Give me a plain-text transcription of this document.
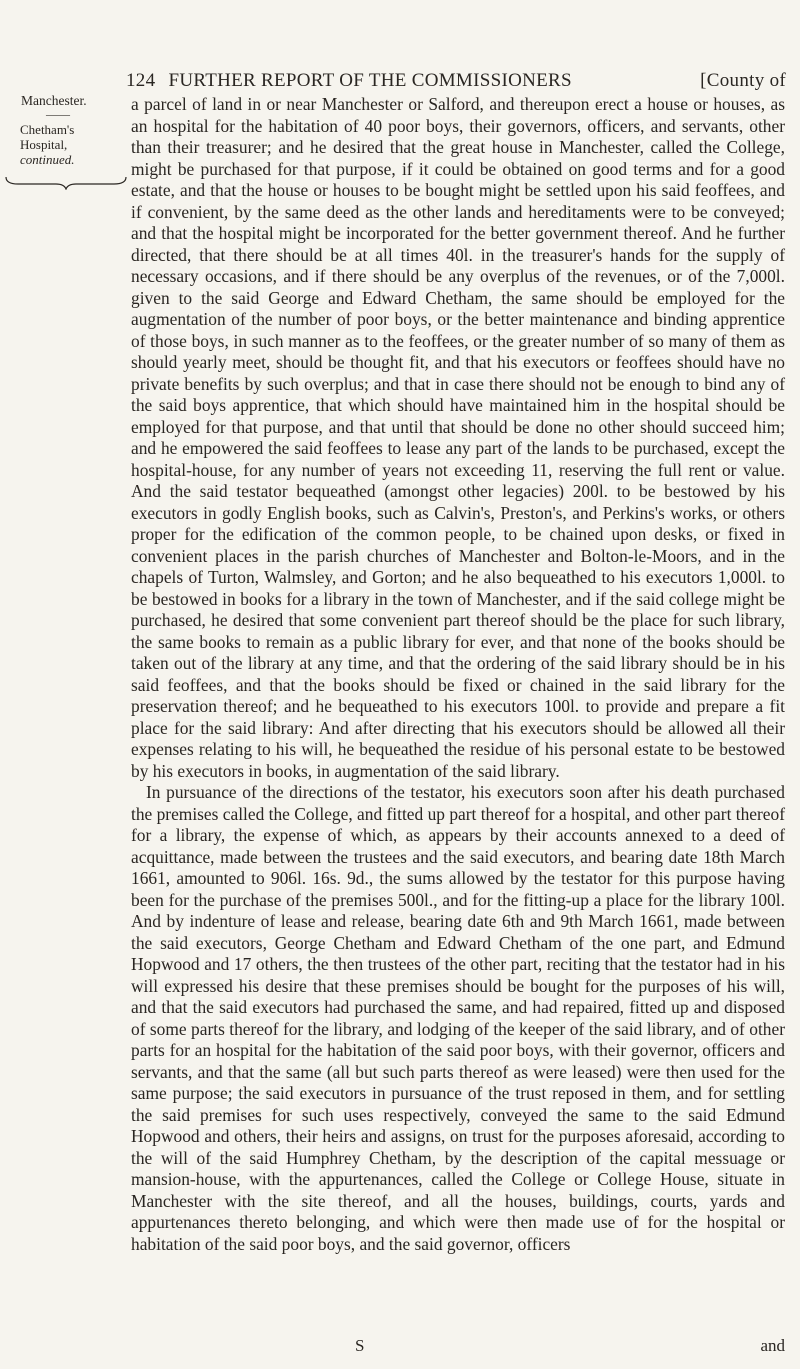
124 FURTHER REPORT OF THE COMMISSIONERS	[County of
Manchester.
——
Chetham's Hospital,
continued.

a parcel of land in or near Manchester or Salford, and thereupon erect a house or houses, as an hospital for the habitation of 40 poor boys, their governors, officers, and servants, other than their treasurer; and he desired that the great house in Manchester, called the College, might be purchased for that purpose, if it could be obtained on good terms and for a good estate, and that the house or houses to be bought might be settled upon his said feoffees, and if convenient, by the same deed as the other lands and hereditaments were to be conveyed; and that the hospital might be incorporated for the better government thereof. And he further directed, that there should be at all times 40l. in the treasurer's hands for the supply of necessary occasions, and if there should be any overplus of the revenues, or of the 7,000l. given to the said George and Edward Chetham, the same should be employed for the augmentation of the number of poor boys, or the better maintenance and binding apprentice of those boys, in such manner as to the feoffees, or the greater number of so many of them as should yearly meet, should be thought fit, and that his executors or feoffees should have no private benefits by such overplus; and that in case there should not be enough to bind any of the said boys apprentice, that which should have maintained him in the hospital should be employed for that purpose, and that until that should be done no other should succeed him; and he empowered the said feoffees to lease any part of the lands to be purchased, except the hospital-house, for any number of years not exceeding 11, reserving the full rent or value. And the said testator bequeathed (amongst other legacies) 200l. to be bestowed by his executors in godly English books, such as Calvin's, Preston's, and Perkins's works, or others proper for the edification of the common people, to be chained upon desks, or fixed in convenient places in the parish churches of Manchester and Bolton-le-Moors, and in the chapels of Turton, Walmsley, and Gorton; and he also bequeathed to his executors 1,000l. to be bestowed in books for a library in the town of Manchester, and if the said college might be purchased, he desired that some convenient part thereof should be the place for such library, the same books to remain as a public library for ever, and that none of the books should be taken out of the library at any time, and that the ordering of the said library should be in his said feoffees, and that the books should be fixed or chained in the said library for the preservation thereof; and he bequeathed to his executors 100l. to provide and prepare a fit place for the said library: And after directing that his executors should be allowed all their expenses relating to his will, he bequeathed the residue of his personal estate to be bestowed by his executors in books, in augmentation of the said library.

In pursuance of the directions of the testator, his executors soon after his death purchased the premises called the College, and fitted up part thereof for a hospital, and other part thereof for a library, the expense of which, as appears by their accounts annexed to a deed of acquittance, made between the trustees and the said executors, and bearing date 18th March 1661, amounted to 906l. 16s. 9d., the sums allowed by the testator for this purpose having been for the purchase of the premises 500l., and for the fitting-up a place for the library 100l. And by indenture of lease and release, bearing date 6th and 9th March 1661, made between the said executors, George Chetham and Edward Chetham of the one part, and Edmund Hopwood and 17 others, the then trustees of the other part, reciting that the testator had in his will expressed his desire that these premises should be bought for the purposes of his will, and that the said executors had purchased the same, and had repaired, fitted up and disposed of some parts thereof for the library, and lodging of the keeper of the said library, and of other parts for an hospital for the habitation of the said poor boys, with their governor, officers and servants, and that the same (all but such parts thereof as were leased) were then used for the same purpose; the said executors in pursuance of the trust reposed in them, and for settling the said premises for such uses respectively, conveyed the same to the said Edmund Hopwood and others, their heirs and assigns, on trust for the purposes aforesaid, according to the will of the said Humphrey Chetham, by the description of the capital messuage or mansion-house, with the appurtenances, called the College or College House, situate in Manchester with the site thereof, and all the houses, buildings, courts, yards and appurtenances thereto belonging, and which were then made use of for the hospital or habitation of the said poor boys, and the said governor, officers

S	and
